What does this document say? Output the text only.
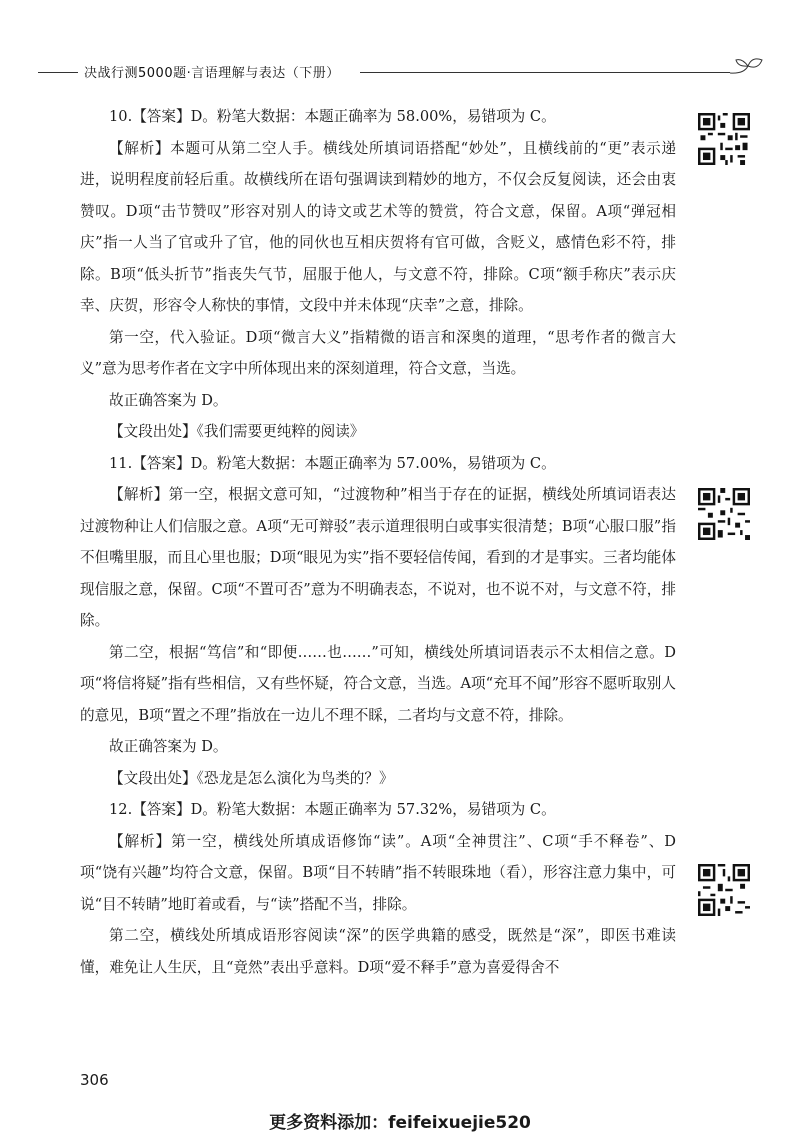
决战行测5000题·言语理解与表达（下册）

10.【答案】D。粉笔大数据：本题正确率为 58.00%，易错项为 C。

【解析】本题可从第二空人手。横线处所填词语搭配“妙处”，且横线前的“更”表示递进，说明程度前轻后重。故横线所在语句强调读到精妙的地方，不仅会反复阅读，还会由衷赞叹。D项“击节赞叹”形容对别人的诗文或艺术等的赞赏，符合文意，保留。A项“弹冠相庆”指一人当了官或升了官，他的同伙也互相庆贺将有官可做，含贬义，感情色彩不符，排除。B项“低头折节”指丧失气节，屈服于他人，与文意不符，排除。C项“额手称庆”表示庆幸、庆贺，形容令人称快的事情，文段中并未体现“庆幸”之意，排除。

第一空，代入验证。D项“微言大义”指精微的语言和深奥的道理，“思考作者的微言大义”意为思考作者在文字中所体现出来的深刻道理，符合文意，当选。

故正确答案为 D。

【文段出处】《我们需要更纯粹的阅读》

11.【答案】D。粉笔大数据：本题正确率为 57.00%，易错项为 C。

【解析】第一空，根据文意可知，“过渡物种”相当于存在的证据，横线处所填词语表达过渡物种让人们信服之意。A项“无可辩驳”表示道理很明白或事实很清楚；B项“心服口服”指不但嘴里服，而且心里也服；D项“眼见为实”指不要轻信传闻，看到的才是事实。三者均能体现信服之意，保留。C项“不置可否”意为不明确表态，不说对，也不说不对，与文意不符，排除。

第二空，根据“笃信”和“即便……也……”可知，横线处所填词语表示不太相信之意。D项“将信将疑”指有些相信，又有些怀疑，符合文意，当选。A项“充耳不闻”形容不愿听取别人的意见，B项“置之不理”指放在一边儿不理不睬，二者均与文意不符，排除。

故正确答案为 D。

【文段出处】《恐龙是怎么演化为鸟类的？》

12.【答案】D。粉笔大数据：本题正确率为 57.32%，易错项为 C。

【解析】第一空，横线处所填成语修饰“读”。A项“全神贯注”、C项“手不释卷”、D项“饶有兴趣”均符合文意，保留。B项“目不转睛”指不转眼珠地（看），形容注意力集中，可说“目不转睛”地盯着或看，与“读”搭配不当，排除。

第二空，横线处所填成语形容阅读“深”的医学典籍的感受，既然是“深”，即医书难读懂，难免让人生厌，且“竟然”表出乎意料。D项“爱不释手”意为喜爱得舍不

306
更多资料添加：feifeixuejie520
